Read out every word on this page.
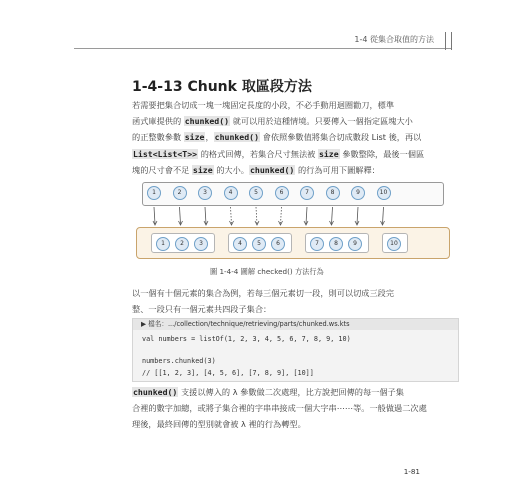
1-4 從集合取值的方法
1-4-13 Chunk 取區段方法
若需要把集合切成一塊一塊固定長度的小段，不必手動用迴圈勸刀，標準
函式庫提供的 chunked() 就可以用於這種情境。只要傳入一個指定區塊大小
的正整數參數 size，chunked() 會依照參數值將集合切成數段 List 後，再以
List<List<T>> 的格式回傳，若集合尺寸無法被 size 參數整除，最後一個區
塊的尺寸會不足 size 的大小。chunked() 的行為可用下圖解釋：
1	2	3	4	5	6	7	8	9	10
1	2	3	4	5	6	7	8	9	10
圖 1-4-4 圖解 checked() 方法行為
以一個有十個元素的集合為例，若每三個元素切一段，則可以切成三段完
整、一段只有一個元素共四段子集合：
▶ 檔名：.../collection/technique/retrieving/parts/chunked.ws.kts
val numbers = listOf(1, 2, 3, 4, 5, 6, 7, 8, 9, 10)
numbers.chunked(3)
// [[1, 2, 3], [4, 5, 6], [7, 8, 9], [10]]
chunked() 支援以傳入的 λ 參數做二次處理，比方說把回傳的每一個子集
合裡的數字加總，或將子集合裡的字串串接成一個大字串⋯⋯等。一般做過二次處
理後，最終回傳的型別就會被 λ 裡的行為轉型。
1-81
